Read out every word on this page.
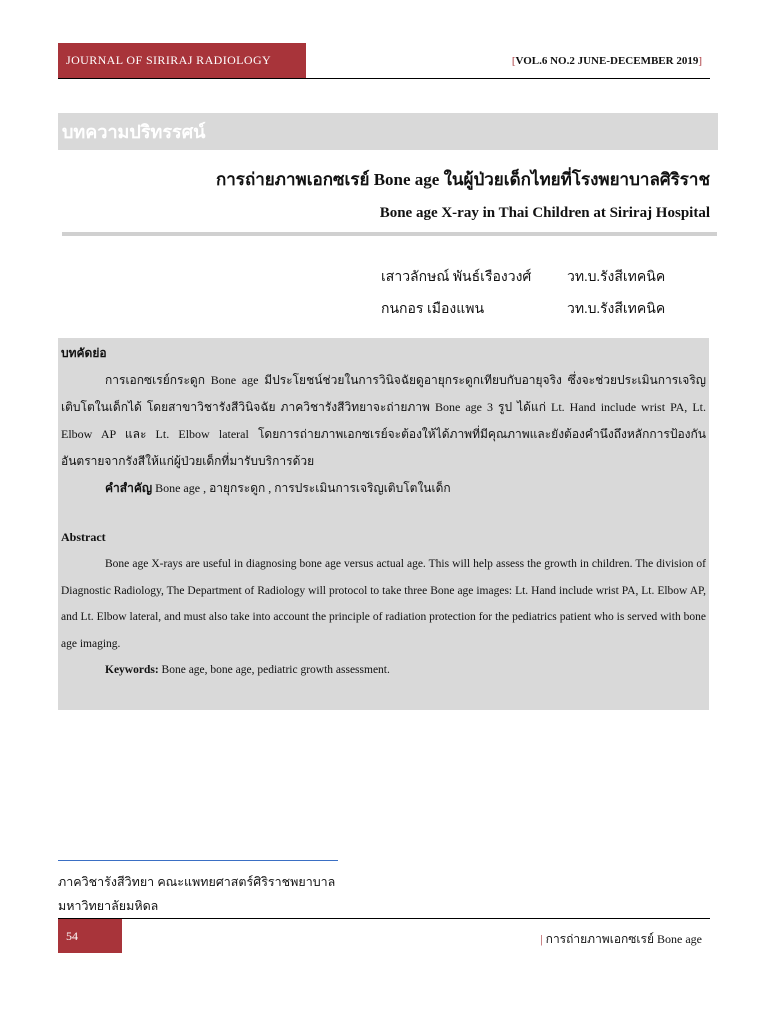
JOURNAL OF SIRIRAJ RADIOLOGY	[VOL.6 NO.2 JUNE-DECEMBER 2019]
บทความปริทรรศน์
การถ่ายภาพเอกซเรย์ Bone age ในผู้ป่วยเด็กไทยที่โรงพยาบาลศิริราช
Bone age X-ray in Thai Children at Siriraj Hospital
เสาวลักษณ์ พันธ์เรืองวงศ์	วท.บ.รังสีเทคนิค
กนกอร เมืองแพน	วท.บ.รังสีเทคนิค

บทคัดย่อ

การเอกซเรย์กระดูก Bone age มีประโยชน์ช่วยในการวินิจฉัยดูอายุกระดูกเทียบกับอายุจริง ซึ่งจะช่วยประเมินการเจริญเติบโตในเด็กได้ โดยสาขาวิชารังสีวินิจฉัย ภาควิชารังสีวิทยาจะถ่ายภาพ Bone age 3 รูป ได้แก่ Lt. Hand include wrist PA, Lt. Elbow AP และ Lt. Elbow lateral โดยการถ่ายภาพเอกซเรย์จะต้องให้ได้ภาพที่มีคุณภาพและยังต้องคำนึงถึงหลักการป้องกันอันตรายจากรังสีให้แก่ผู้ป่วยเด็กที่มารับบริการด้วย

คำสำคัญ Bone age , อายุกระดูก , การประเมินการเจริญเติบโตในเด็ก

Abstract

Bone age X-rays are useful in diagnosing bone age versus actual age. This will help assess the growth in children. The division of Diagnostic Radiology, The Department of Radiology will protocol to take three Bone age images: Lt. Hand include wrist PA, Lt. Elbow AP, and Lt. Elbow lateral, and must also take into account the principle of radiation protection for the pediatrics patient who is served with bone age imaging.

Keywords: Bone age, bone age, pediatric growth assessment.

ภาควิชารังสีวิทยา คณะแพทยศาสตร์ศิริราชพยาบาล
มหาวิทยาลัยมหิดล
54	| การถ่ายภาพเอกซเรย์ Bone age
